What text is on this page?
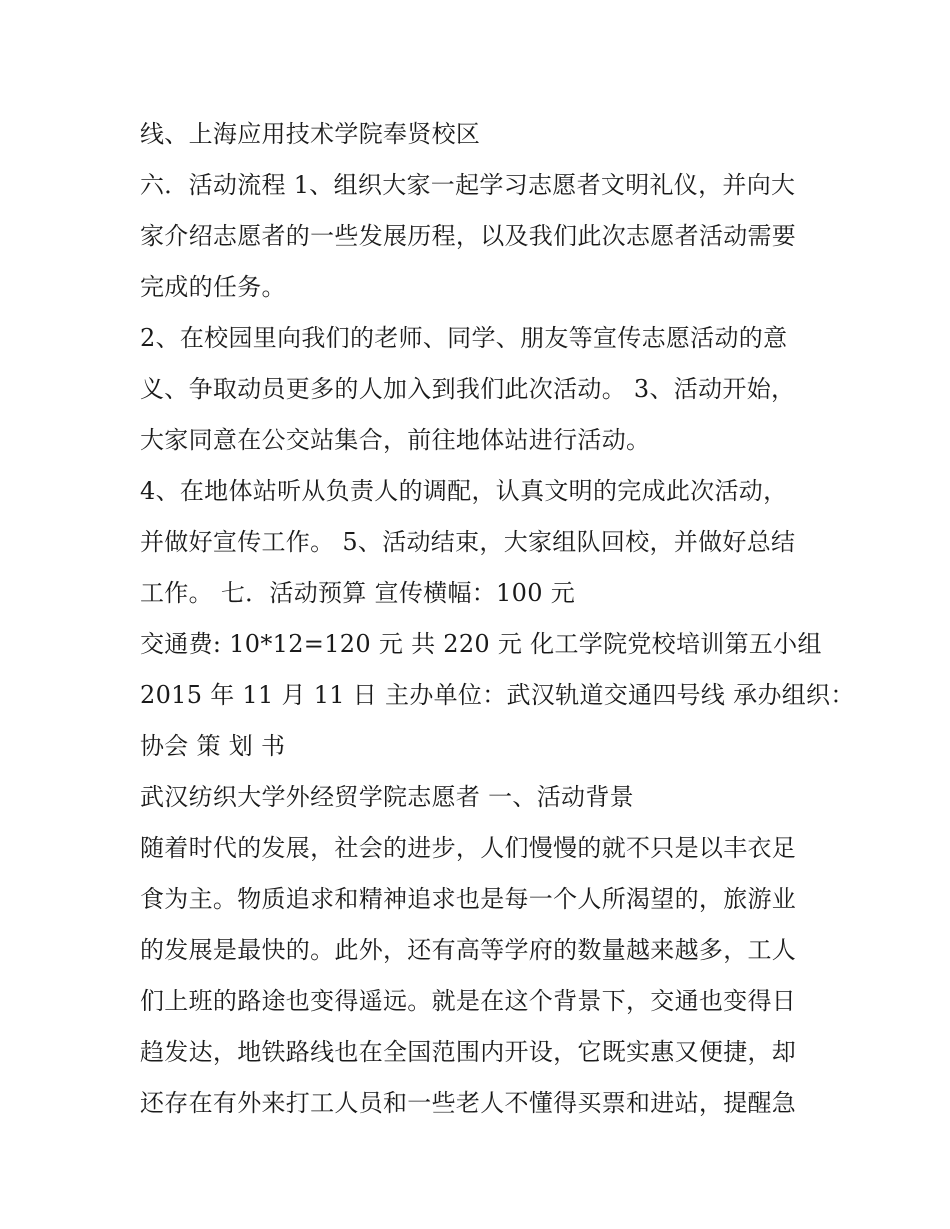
线、上海应用技术学院奉贤校区
六．活动流程 1、组织大家一起学习志愿者文明礼仪，并向大
家介绍志愿者的一些发展历程，以及我们此次志愿者活动需要
完成的任务。
2、在校园里向我们的老师、同学、朋友等宣传志愿活动的意
义、争取动员更多的人加入到我们此次活动。 3、活动开始，
大家同意在公交站集合，前往地体站进行活动。
4、在地体站听从负责人的调配，认真文明的完成此次活动，
并做好宣传工作。 5、活动结束，大家组队回校，并做好总结
工作。 七．活动预算 宣传横幅：100 元
交通费: 10*12=120 元 共 220 元 化工学院党校培训第五小组
2015 年 11 月 11 日 主办单位：武汉轨道交通四号线 承办组织：
协会 策 划 书
武汉纺织大学外经贸学院志愿者 一、活动背景
随着时代的发展，社会的进步，人们慢慢的就不只是以丰衣足
食为主。物质追求和精神追求也是每一个人所渴望的，旅游业
的发展是最快的。此外，还有高等学府的数量越来越多，工人
们上班的路途也变得遥远。就是在这个背景下，交通也变得日
趋发达，地铁路线也在全国范围内开设，它既实惠又便捷，却
还存在有外来打工人员和一些老人不懂得买票和进站，提醒急
